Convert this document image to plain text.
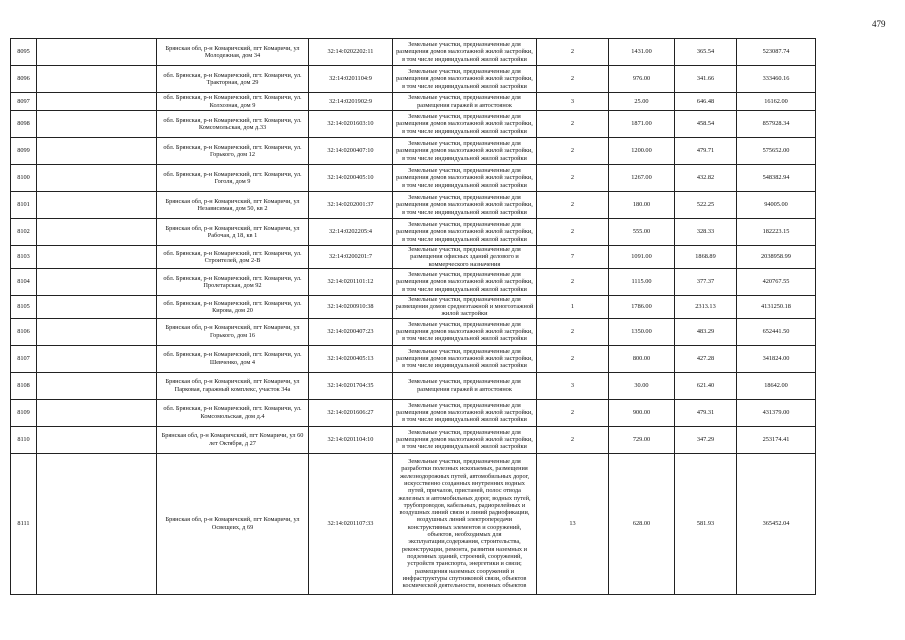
479
8095		Брянская обл, р-н Комаричский, пгт Комаричи, ул Молодежная, дом 34	32:14:0202202:11	Земельные участки, предназначенные для размещения домов малоэтажной жилой застройки, в том числе индивидуальной жилой застройки	2	1431.00	365.54	523087.74
8096		обл. Брянская, р-н Комаричский, пгт. Комаричи, ул. Тракторная, дом 29	32:14:0201104:9	Земельные участки, предназначенные для размещения домов малоэтажной жилой застройки, в том числе индивидуальной жилой застройки	2	976.00	341.66	333460.16
8097		обл. Брянская, р-н Комаричский, пгт. Комаричи, ул. Колхозная, дом 9	32:14:0201902:9	Земельные участки, предназначенные для размещения гаражей и автостоянок	3	25.00	646.48	16162.00
8098		обл. Брянская, р-н Комаричский, пгт. Комаричи, ул. Комсомольская, дом д.33	32:14:0201603:10	Земельные участки, предназначенные для размещения домов малоэтажной жилой застройки, в том числе индивидуальной жилой застройки	2	1871.00	458.54	857928.34
8099		обл. Брянская, р-н Комаричский, пгт. Комаричи, ул. Горького, дом 12	32:14:0200407:10	Земельные участки, предназначенные для размещения домов малоэтажной жилой застройки, в том числе индивидуальной жилой застройки	2	1200.00	479.71	575652.00
8100		обл. Брянская, р-н Комаричский, пгт. Комаричи, ул. Гоголя, дом 9	32:14:0200405:10	Земельные участки, предназначенные для размещения домов малоэтажной жилой застройки, в том числе индивидуальной жилой застройки	2	1267.00	432.82	548382.94
8101		Брянская обл, р-н Комаричский, пгт Комаричи, ул Независимая, дом 50, кв 2	32:14:0202001:37	Земельные участки, предназначенные для размещения домов малоэтажной жилой застройки, в том числе индивидуальной жилой застройки	2	180.00	522.25	94005.00
8102		Брянская обл, р-н Комаричский, пгт Комаричи, ул Рабочая, д 18, кв 1	32:14:0202205:4	Земельные участки, предназначенные для размещения домов малоэтажной жилой застройки, в том числе индивидуальной жилой застройки	2	555.00	328.33	182223.15
8103		обл. Брянская, р-н Комаричский, пгт. Комаричи, ул. Строителей, дом 2-В	32:14:0200201:7	Земельные участки, предназначенные для размещения офисных зданий делового и коммерческого назначения	7	1091.00	1868.89	2038958.99
8104		обл. Брянская, р-н Комаричский, пгт. Комаричи, ул. Пролетарская, дом 92	32:14:0201101:12	Земельные участки, предназначенные для размещения домов малоэтажной жилой застройки, в том числе индивидуальной жилой застройки	2	1115.00	377.37	420767.55
8105		обл. Брянская, р-н Комаричский, пгт. Комаричи, ул. Кирова, дом 20	32:14:0200910:38	Земельные участки, предназначенные для размещения домов среднеэтажной и многоэтажной жилой застройки	1	1786.00	2313.13	4131250.18
8106		Брянская обл, р-н Комаричский, пгт Комаричи, ул Горького, дом 16	32:14:0200407:23	Земельные участки, предназначенные для размещения домов малоэтажной жилой застройки, в том числе индивидуальной жилой застройки	2	1350.00	483.29	652441.50
8107		обл. Брянская, р-н Комаричский, пгт. Комаричи, ул. Шевченко, дом 4	32:14:0200405:13	Земельные участки, предназначенные для размещения домов малоэтажной жилой застройки, в том числе индивидуальной жилой застройки	2	800.00	427.28	341824.00
8108		Брянская обл, р-н Комаричский, пгт Комаричи, ул Парковая, гаражный комплекс, участок 34а	32:14:0201704:35	Земельные участки, предназначенные для размещения гаражей и автостоянок	3	30.00	621.40	18642.00
8109		обл. Брянская, р-н Комаричский, пгт. Комаричи, ул. Комсомольская, дом д.4	32:14:0201606:27	Земельные участки, предназначенные для размещения домов малоэтажной жилой застройки, в том числе индивидуальной жилой застройки	2	900.00	479.31	431379.00
8110		Брянская обл, р-н Комаричский, пгт Комаричи, ул 60 лет Октября, д 27	32:14:0201104:10	Земельные участки, предназначенные для размещения домов малоэтажной жилой застройки, в том числе индивидуальной жилой застройки	2	729.00	347.29	253174.41
8111		Брянская обл, р-н Комаричский, пгт Комаричи, ул Освещеих, д 69	32:14:0201107:33	Земельные участки, предназначенные для разработки полезных ископаемых, размещения железнодорожных путей, автомобильных дорог, искусственно созданных внутренних водных путей, причалов, пристаней, полос отвода железных и автомобильных дорог, водных путей, трубопроводов, кабельных, радиорелейных и воздушных линий связи и линий радиофикации, воздушных линий электропередачи конструктивных элементов и сооружений, объектов, необходимых для эксплуатации,содержания, строительства, реконструкции, ремонта, развития наземных и подземных зданий, строений, сооружений, устройств транспорта, энергетики и связи; размещения наземных сооружений и инфраструктуры спутниковой связи, объектов космической деятельности, военных объектов	13	628.00	581.93	365452.04
